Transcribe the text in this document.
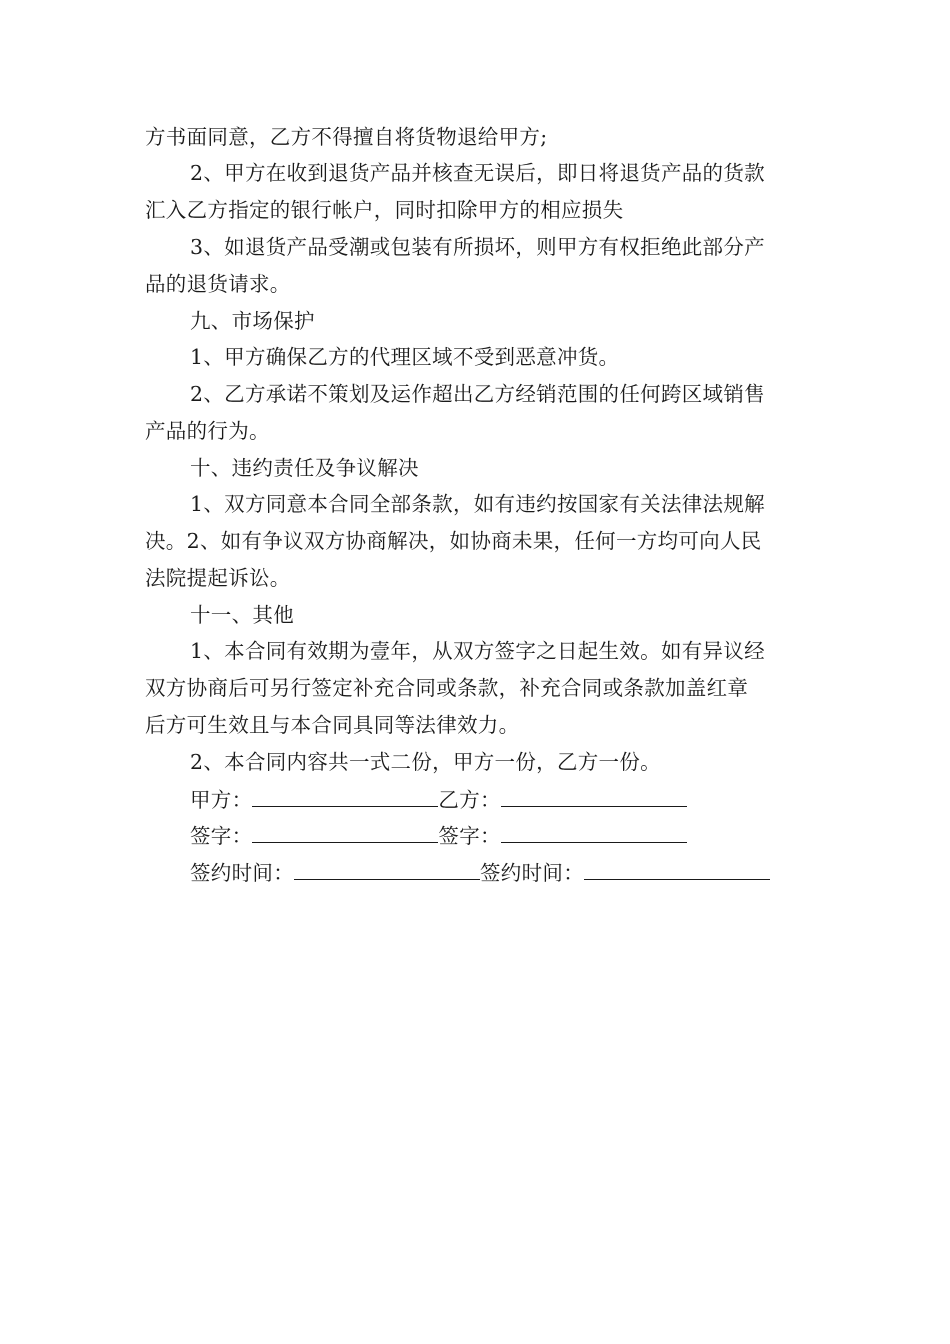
方书面同意，乙方不得擅自将货物退给甲方;
2、甲方在收到退货产品并核查无误后，即日将退货产品的货款
汇入乙方指定的银行帐户，同时扣除甲方的相应损失
3、如退货产品受潮或包装有所损坏，则甲方有权拒绝此部分产
品的退货请求。
九、市场保护
1、甲方确保乙方的代理区域不受到恶意冲货。
2、乙方承诺不策划及运作超出乙方经销范围的任何跨区域销售
产品的行为。
十、违约责任及争议解决
1、双方同意本合同全部条款，如有违约按国家有关法律法规解
决。2、如有争议双方协商解决，如协商未果，任何一方均可向人民
法院提起诉讼。
十一、其他
1、本合同有效期为壹年，从双方签字之日起生效。如有异议经
双方协商后可另行签定补充合同或条款，补充合同或条款加盖红章
后方可生效且与本合同具同等法律效力。
2、本合同内容共一式二份，甲方一份，乙方一份。
甲方：	乙方：
签字：	签字：
签约时间：	签约时间：
